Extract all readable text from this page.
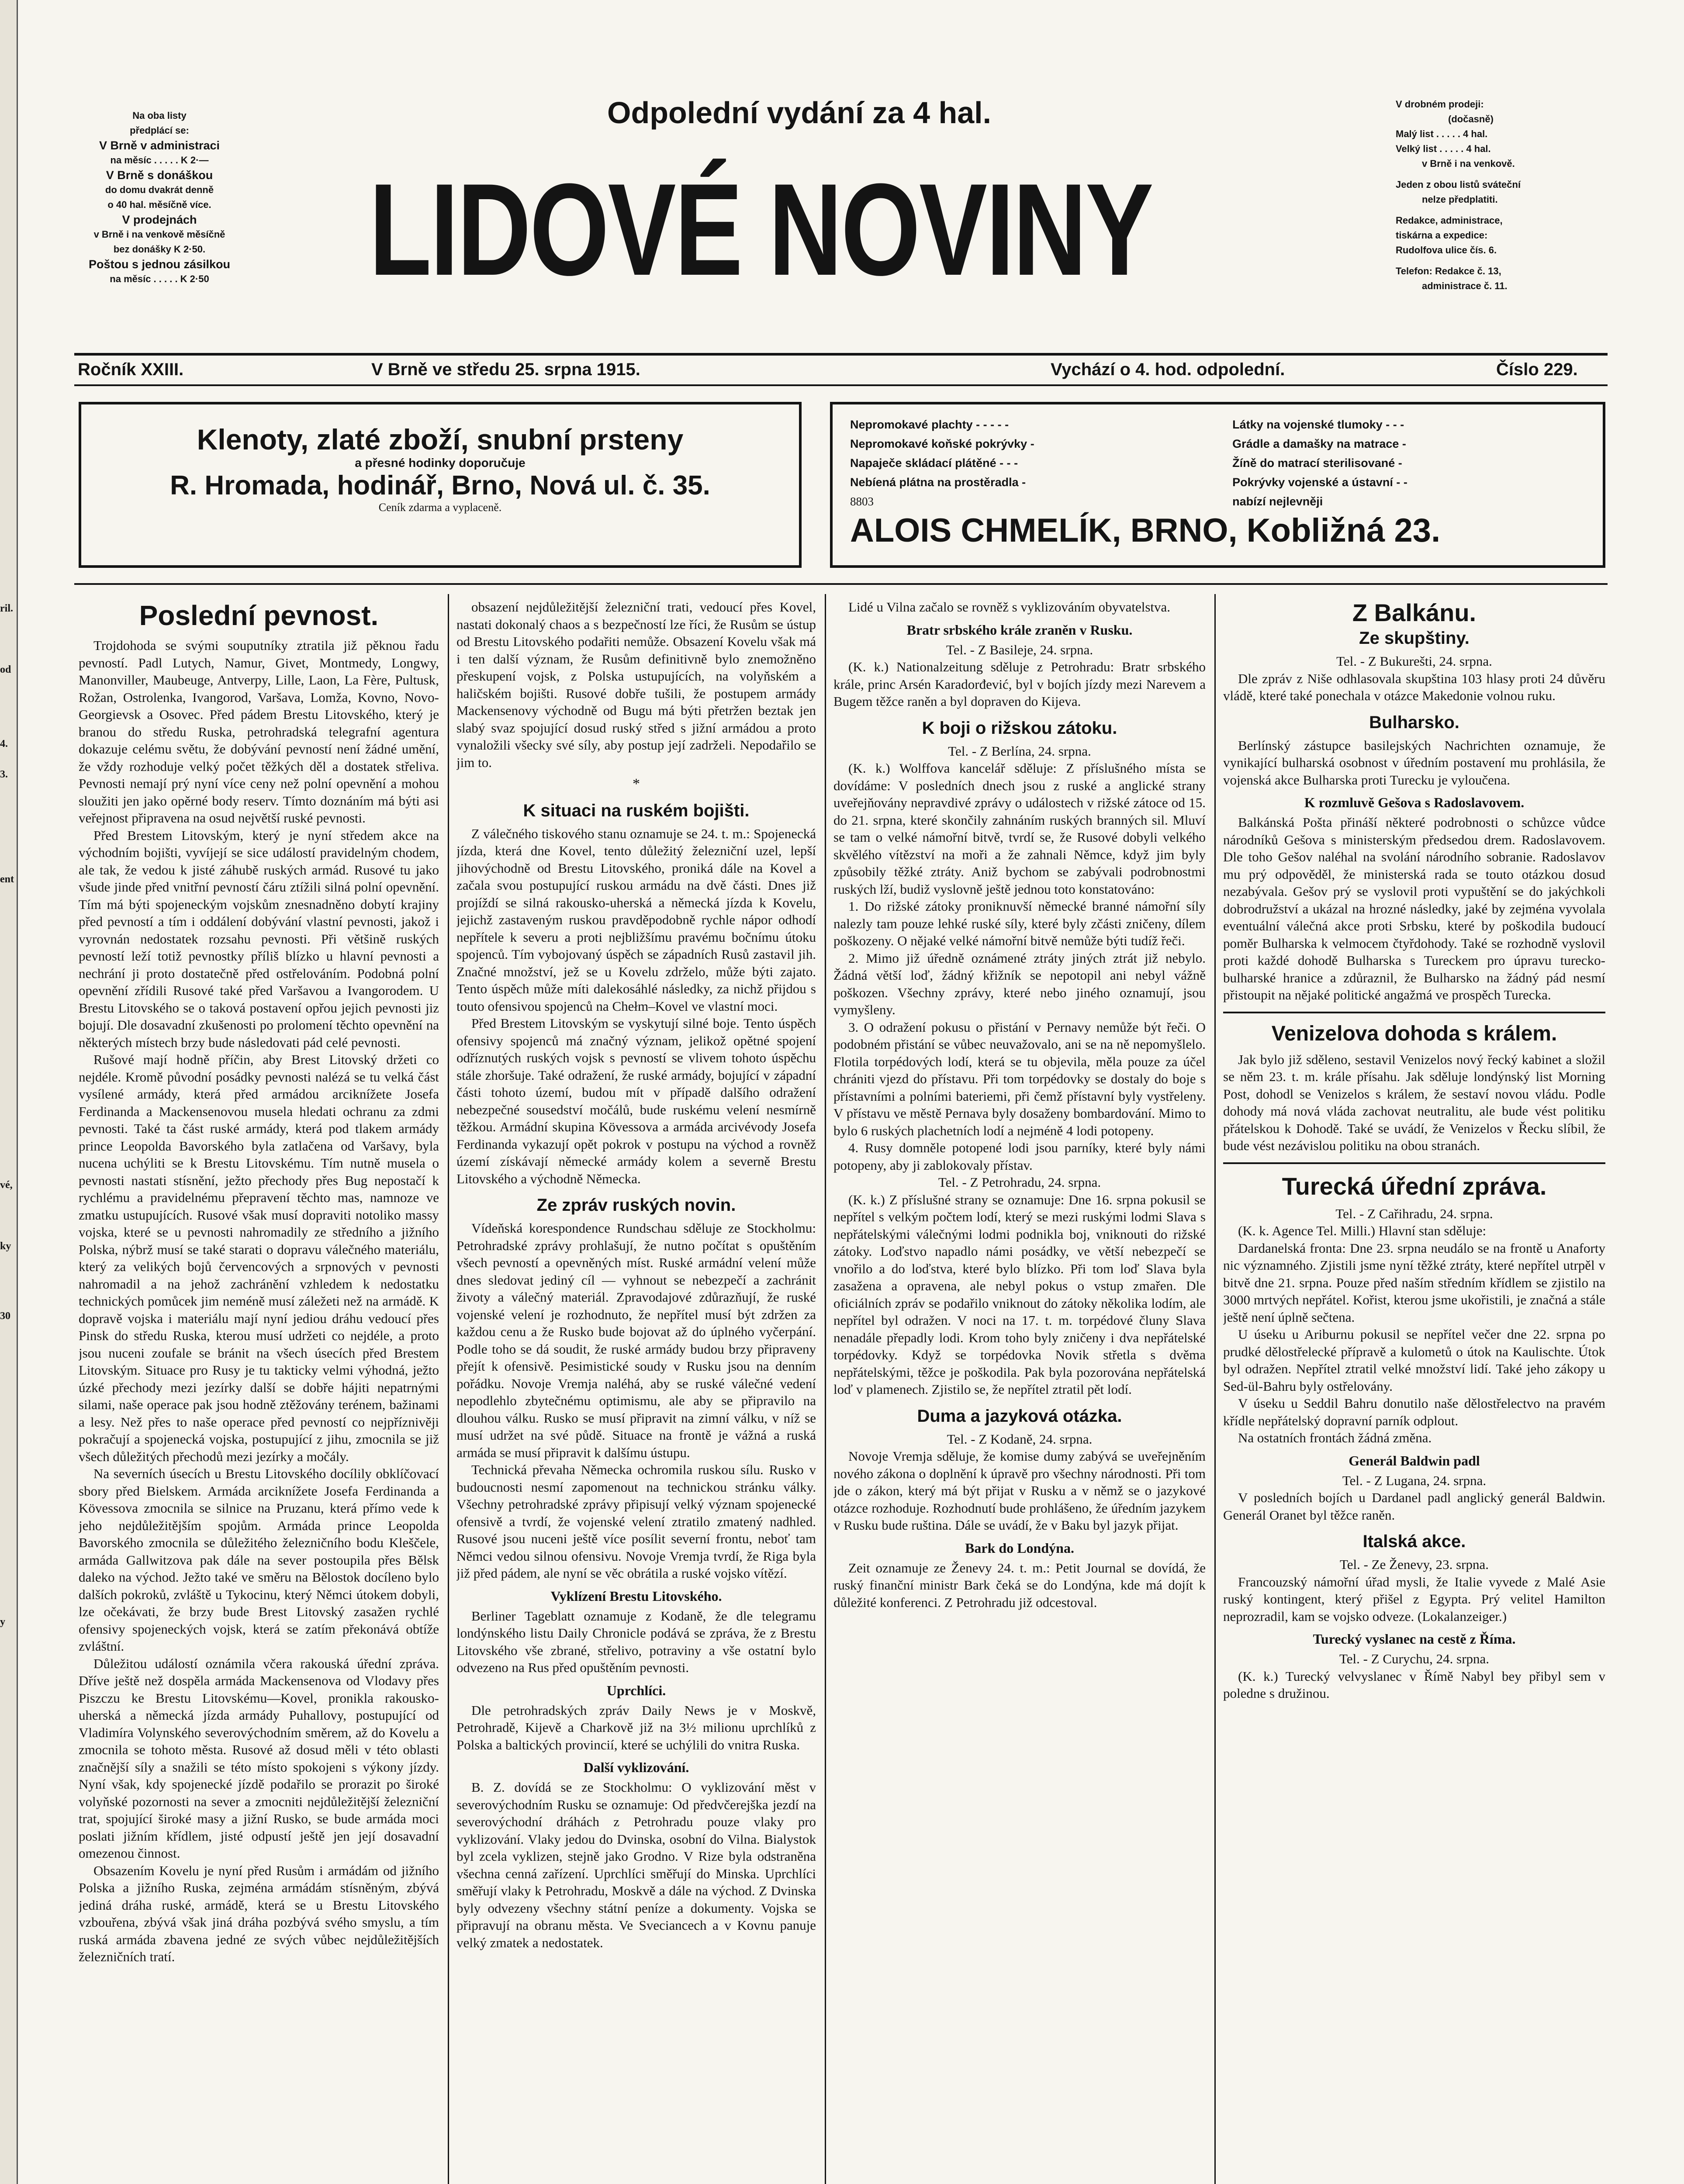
ril.
od
4.
3.
ent
vé,
ky
30
y
Na oba listy
předplácí se:
V Brně v administraci
na měsíc . . . . . K 2·—
V Brně s donáškou
do domu dvakrát denně
o 40 hal. měsíčně více.
V prodejnách
v Brně i na venkově měsíčně
bez donášky K 2·50.
Poštou s jednou zásilkou
na měsíc . . . . . K 2·50
Odpolední vydání za 4 hal.
LIDOVÉ NOVINY
V drobném prodeji:
(dočasně)
Malý list . . . . . 4 hal.
Velký list . . . . . 4 hal.
v Brně i na venkově.
Jeden z obou listů sváteční
nelze předplatiti.
Redakce, administrace,
tiskárna a expedice:
Rudolfova ulice čís. 6.
Telefon: Redakce č. 13,
administrace č. 11.
Ročník XXIII.	V Brně ve středu 25. srpna 1915.	Vychází o 4. hod. odpolední.	Číslo 229.
Klenoty, zlaté zboží, snubní prsteny
a přesné hodinky doporučuje
R. Hromada, hodinář, Brno, Nová ul. č. 35.
Ceník zdarma a vyplaceně.
Nepromokavé plachty - - - - -	Látky na vojenské tlumoky - - -
Nepromokavé koňské pokrývky -	Grádle a damašky na matrace -
Napaječe skládací plátěné - - -	Žíně do matrací sterilisované -
Nebíená plátna na prostěradla -	Pokrývky vojenské a ústavní - -
8803	nabízí nejlevněji
ALOIS CHMELÍK, BRNO, Kobližná 23.
Poslední pevnost.

Trojdohoda se svými souputníky ztratila již pěknou řadu pevností. Padl Lutych, Namur, Givet, Montmedy, Longwy, Manonviller, Maubeuge, Antverpy, Lille, Laon, La Fère, Pultusk, Rožan, Ostrolenka, Ivangorod, Varšava, Lomža, Kovno, Novo-Georgievsk a Osovec. Před pádem Brestu Litovského, který je branou do středu Ruska, petrohradská telegrafní agentura dokazuje celému světu, že dobývání pevností není žádné umění, že vždy rozhoduje velký počet těžkých děl a dostatek střeliva. Pevnosti nemají prý nyní více ceny než polní opevnění a mohou sloužiti jen jako opěrné body reserv. Tímto doznáním má býti asi veřejnost připravena na osud největší ruské pevnosti.

Před Brestem Litovským, který je nyní středem akce na východním bojišti, vyvíjejí se sice událostí pravidelným chodem, ale tak, že vedou k jisté záhubě ruských armád. Rusové tu jako všude jinde před vnitřní pevností čáru ztížili silná polní opevnění. Tím má býti spojeneckým vojskům znesnadněno dobytí krajiny před pevností a tím i oddálení dobývání vlastní pevnosti, jakož i vyrovnán nedostatek rozsahu pevnosti. Při většině ruských pevností leží totiž pevnostky příliš blízko u hlavní pevnosti a nechrání ji proto dostatečně před ostřelováním. Podobná polní opevnění zřídili Rusové také před Varšavou a Ivangorodem. U Brestu Litovského se o taková postavení opřou jejich pevnosti jiz bojují. Dle dosavadní zkušenosti po prolomení těchto opevnění na některých místech brzy bude následovati pád celé pevnosti.

Rušové mají hodně příčin, aby Brest Litovský držeti co nejdéle. Kromě původní posádky pevnosti nalézá se tu velká část vysílené armády, která před armádou arciknížete Josefa Ferdinanda a Mackensenovou musela hledati ochranu za zdmi pevnosti. Také ta část ruské armády, která pod tlakem armády prince Leopolda Bavorského byla zatlačena od Varšavy, byla nucena uchýliti se k Brestu Litovskému. Tím nutně musela o pevnosti nastati stísnění, ježto přechody přes Bug nepostačí k rychlému a pravidelnému přepravení těchto mas, namnoze ve zmatku ustupujících. Rusové však musí dopraviti notoliko massy vojska, které se u pevnosti nahromadily ze středního a jižního Polska, nýbrž musí se také starati o dopravu válečného materiálu, který za velikých bojů červencových a srpnových v pevnosti nahromadil a na jehož zachránění vzhledem k nedostatku technických pomůcek jim neméně musí záležeti než na armádě. K dopravě vojska i materiálu mají nyní jediou dráhu vedoucí přes Pinsk do středu Ruska, kterou musí udržeti co nejdéle, a proto jsou nuceni zoufale se bránit na všech úsecích před Brestem Litovským. Situace pro Rusy je tu takticky velmi výhodná, ježto úzké přechody mezi jezírky další se dobře hájiti nepatrnými silami, naše operace pak jsou hodně ztěžovány terénem, bažinami a lesy. Než přes to naše operace před pevností co nejpříznivěji pokračují a spojenecká vojska, postupující z jihu, zmocnila se již všech důležitých přechodů mezi jezírky a močály.

Na severních úsecích u Brestu Litovského docílily obklíčovací sbory před Bielskem. Armáda arciknížete Josefa Ferdinanda a Kövessova zmocnila se silnice na Pruzanu, která přímo vede k jeho nejdůležitějším spojům. Armáda prince Leopolda Bavorského zmocnila se důležitého železničního bodu Kleščele, armáda Gallwitzova pak dále na sever postoupila přes Bělsk daleko na východ. Ježto také ve směru na Bělostok docíleno bylo dalších pokroků, zvláště u Tykocinu, který Němci útokem dobyli, lze očekávati, že brzy bude Brest Litovský zasažen rychlé ofensivy spojeneckých vojsk, která se zatím překonává obtíže zvláštní.

Důležitou událostí oznámila včera rakouská úřední zpráva. Dříve ještě než dospěla armáda Mackensenova od Vlodavy přes Piszczu ke Brestu Litovskému—Kovel, pronikla rakousko-uherská a německá jízda armády Puhallovy, postupující od Vladimíra Volynského severovýchodním směrem, až do Kovelu a zmocnila se tohoto města. Rusové až dosud měli v této oblasti značnější síly a snažili se této místo spokojeni s výkony jízdy. Nyní však, kdy spojenecké jízdě podařilo se prorazit po široké volyňské pozornosti na sever a zmocniti nejdůležitější železniční trat, spojující široké masy a jižní Rusko, se bude armáda moci poslati jižním křídlem, jisté odpustí ještě jen její dosavadní omezenou činnost.

Obsazením Kovelu je nyní před Rusům i armádám od jižního Polska a jižního Ruska, zejména armádám stísněným, zbývá jediná dráha ruské, armádě, která se u Brestu Litovského vzbouřena, zbývá však jiná dráha pozbývá svého smyslu, a tím ruská armáda zbavena jedné ze svých vůbec nejdůležitějších železničních tratí.

obsazení nejdůležitější železniční trati, vedoucí přes Kovel, nastati dokonalý chaos a s bezpečností lze říci, že Rusům se ústup od Brestu Litovského podařiti nemůže. Obsazení Kovelu však má i ten další význam, že Rusům definitivně bylo znemožněno přeskupení vojsk, z Polska ustupujících, na volyňském a haličském bojišti. Rusové dobře tušili, že postupem armády Mackensenovy východně od Bugu má býti přetržen beztak jen slabý svaz spojující dosud ruský střed s jižní armádou a proto vynaložili všecky své síly, aby postup její zadrželi. Nepodařilo se jim to.

*
K situaci na ruském bojišti.

Z válečného tiskového stanu oznamuje se 24. t. m.: Spojenecká jízda, která dne Kovel, tento důležitý železniční uzel, lepší jihovýchodně od Brestu Litovského, proniká dále na Kovel a začala svou postupující ruskou armádu na dvě části. Dnes již projíždí se silná rakousko-uherská a německá jízda k Kovelu, jejichž zastaveným ruskou pravděpodobně rychle nápor odhodí nepřítele k severu a proti nejbližšímu pravému bočnímu útoku spojenců. Tím vybojovaný úspěch se západních Rusů zastavil jih. Značné množství, jež se u Kovelu zdrželo, může býti zajato. Tento úspěch může míti dalekosáhlé následky, za nichž přijdou s touto ofensivou spojenců na Chełm–Kovel ve vlastní moci.

Před Brestem Litovským se vyskytují silné boje. Tento úspěch ofensivy spojenců má značný význam, jelikož opětné spojení odříznutých ruských vojsk s pevností se vlivem tohoto úspěchu stále zhoršuje. Také odražení, že ruské armády, bojující v západní části tohoto území, budou mít v případě dalšího odražení nebezpečné sousedství močálů, bude ruskému velení nesmírně těžkou. Armádní skupina Kövessova a armáda arcivévody Josefa Ferdinanda vykazují opět pokrok v postupu na východ a rovněž území získávají německé armády kolem a severně Brestu Litovského a východně Německa.

Ze zpráv ruských novin.

Vídeňská korespondence Rundschau sděluje ze Stockholmu: Petrohradské zprávy prohlašují, že nutno počítat s opuštěním všech pevností a opevněných míst. Ruské armádní velení může dnes sledovat jediný cíl — vyhnout se nebezpečí a zachránit životy a válečný materiál. Zpravodajové zdůrazňují, že ruské vojenské velení je rozhodnuto, že nepřítel musí být zdržen za každou cenu a že Rusko bude bojovat až do úplného vyčerpání. Podle toho se dá soudit, že ruské armády budou brzy připraveny přejít k ofensivě. Pesimistické soudy v Rusku jsou na denním pořádku. Novoje Vremja naléhá, aby se ruské válečné vedení nepodlehlo zbytečnému optimismu, ale aby se připravilo na dlouhou válku. Rusko se musí připravit na zimní válku, v níž se musí udržet na své půdě. Situace na frontě je vážná a ruská armáda se musí připravit k dalšímu ústupu.

Technická převaha Německa ochromila ruskou sílu. Rusko v budoucnosti nesmí zapomenout na technickou stránku války. Všechny petrohradské zprávy připisují velký význam spojenecké ofensivě a tvrdí, že vojenské velení ztratilo zmatený nadhled. Rusové jsou nuceni ještě více posílit severní frontu, neboť tam Němci vedou silnou ofensivu. Novoje Vremja tvrdí, že Riga byla již před pádem, ale nyní se věc obrátila a ruské vojsko vítězí.

Vyklízení Brestu Litovského.

Berliner Tageblatt oznamuje z Kodaně, že dle telegramu londýnského listu Daily Chronicle podává se zpráva, že z Brestu Litovského vše zbrané, střelivo, potraviny a vše ostatní bylo odvezeno na Rus před opuštěním pevnosti.

Uprchlíci.

Dle petrohradských zpráv Daily News je v Moskvě, Petrohradě, Kijevě a Charkově již na 3½ milionu uprchlíků z Polska a baltických provincií, které se uchýlili do vnitra Ruska.

Další vyklizování.

B. Z. dovídá se ze Stockholmu: O vyklizování měst v severovýchodním Rusku se oznamuje: Od předvčerejška jezdí na severovýchodní dráhách z Petrohradu pouze vlaky pro vyklizování. Vlaky jedou do Dvinska, osobní do Vilna. Bialystok byl zcela vyklizen, stejně jako Grodno. V Rize byla odstraněna všechna cenná zařízení. Uprchlíci směřují do Minska. Uprchlíci směřují vlaky k Petrohradu, Moskvě a dále na východ. Z Dvinska byly odvezeny všechny státní peníze a dokumenty. Vojska se připravují na obranu města. Ve Sveciancech a v Kovnu panuje velký zmatek a nedostatek.

Lidé u Vilna začalo se rovněž s vyklizováním obyvatelstva.

Bratr srbského krále zraněn v Rusku.

Tel. - Z Basileje, 24. srpna.

(K. k.) Nationalzeitung sděluje z Petrohradu: Bratr srbského krále, princ Arsén Karadorđević, byl v bojích jízdy mezi Narevem a Bugem těžce raněn a byl dopraven do Kijeva.

K boji o rižskou zátoku.

Tel. - Z Berlína, 24. srpna.

(K. k.) Wolffova kancelář sděluje: Z příslušného místa se dovídáme: V posledních dnech jsou z ruské a anglické strany uveřejňovány nepravdivé zprávy o událostech v rižské zátoce od 15. do 21. srpna, které skončily zahnáním ruských branných sil. Mluví se tam o velké námořní bitvě, tvrdí se, že Rusové dobyli velkého skvělého vítězství na moři a že zahnali Němce, když jim byly způsobily těžké ztráty. Aniž bychom se zabývali podrobnostmi ruských lží, budiž vyslovně ještě jednou toto konstatováno:

1. Do rižské zátoky proniknuvší německé branné námořní síly nalezly tam pouze lehké ruské síly, které byly zčásti zničeny, dílem poškozeny. O nějaké velké námořní bitvě nemůže býti tudíž řeči.

2. Mimo již úředně oznámené ztráty jiných ztrát již nebylo. Žádná větší loď, žádný křižník se nepotopil ani nebyl vážně poškozen. Všechny zprávy, které nebo jiného oznamují, jsou vymyšleny.

3. O odražení pokusu o přistání v Pernavy nemůže být řeči. O podobném přistání se vůbec neuvažovalo, ani se na ně nepomyšlelo. Flotila torpédových lodí, která se tu objevila, měla pouze za účel chrániti vjezd do přístavu. Při tom torpédovky se dostaly do boje s přístavními a polními bateriemi, při čemž přístavní byly vystřeleny. V přístavu ve městě Pernava byly dosaženy bombardování. Mimo to bylo 6 ruských plachetních lodí a nejméně 4 lodi potopeny.

4. Rusy domněle potopené lodi jsou parníky, které byly námi potopeny, aby ji zablokovaly přístav.

Tel. - Z Petrohradu, 24. srpna.

(K. k.) Z příslušné strany se oznamuje: Dne 16. srpna pokusil se nepřítel s velkým počtem lodí, který se mezi ruskými lodmi Slava s nepřátelskými válečnými lodmi podnikla boj, vniknouti do rižské zátoky. Loďstvo napadlo námi posádky, ve větší nebezpečí se vnořilo a do loďstva, které bylo blízko. Při tom loď Slava byla zasažena a opravena, ale nebyl pokus o vstup zmařen. Dle oficiálních zpráv se podařilo vniknout do zátoky několika lodím, ale nepřítel byl odražen. V noci na 17. t. m. torpédové čluny Slava nenadále přepadly lodi. Krom toho byly zničeny i dva nepřátelské torpédovky. Když se torpédovka Novik střetla s dvěma nepřátelskými, těžce je poškodila. Pak byla pozorována nepřátelská loď v plamenech. Zjistilo se, že nepřítel ztratil pět lodí.

Duma a jazyková otázka.

Tel. - Z Kodaně, 24. srpna.

Novoje Vremja sděluje, že komise dumy zabývá se uveřejněním nového zákona o doplnění k úpravě pro všechny národnosti. Při tom jde o zákon, který má být přijat v Rusku a v němž se o jazykové otázce rozhoduje. Rozhodnutí bude prohlášeno, že úředním jazykem v Rusku bude ruština. Dále se uvádí, že v Baku byl jazyk přijat.

Bark do Londýna.

Zeit oznamuje ze Ženevy 24. t. m.: Petit Journal se dovídá, že ruský finanční ministr Bark čeká se do Londýna, kde má dojít k důležité konferenci. Z Petrohradu již odcestoval.

Z Balkánu.
Ze skupštiny.

Tel. - Z Bukurešti, 24. srpna.

Dle zpráv z Niše odhlasovala skupština 103 hlasy proti 24 důvěru vládě, které také ponechala v otázce Makedonie volnou ruku.

Bulharsko.

Berlínský zástupce basilejských Nachrichten oznamuje, že vynikající bulharská osobnost v úředním postavení mu prohlásila, že vojenská akce Bulharska proti Turecku je vyloučena.

K rozmluvě Gešova s Radoslavovem.

Balkánská Pošta přináší některé podrobnosti o schůzce vůdce národníků Gešova s ministerským předsedou drem. Radoslavovem. Dle toho Gešov naléhal na svolání národního sobranie. Radoslavov mu prý odpověděl, že ministerská rada se touto otázkou dosud nezabývala. Gešov prý se vyslovil proti vypuštění se do jakýchkoli dobrodružství a ukázal na hrozné následky, jaké by zejména vyvolala eventuální válečná akce proti Srbsku, které by poškodila budoucí poměr Bulharska k velmocem čtyřdohody. Také se rozhodně vyslovil proti každé dohodě Bulharska s Tureckem pro úpravu turecko-bulharské hranice a zdůraznil, že Bulharsko na žádný pád nesmí přistoupit na nějaké politické angažmá ve prospěch Turecka.

Venizelova dohoda s králem.

Jak bylo již sděleno, sestavil Venizelos nový řecký kabinet a složil se něm 23. t. m. krále přísahu. Jak sděluje londýnský list Morning Post, dohodl se Venizelos s králem, že sestaví novou vládu. Podle dohody má nová vláda zachovat neutralitu, ale bude vést politiku přátelskou k Dohodě. Také se uvádí, že Venizelos v Řecku slíbil, že bude vést nezávislou politiku na obou stranách.

Turecká úřední zpráva.

Tel. - Z Cařihradu, 24. srpna.

(K. k. Agence Tel. Milli.) Hlavní stan sděluje:

Dardanelská fronta: Dne 23. srpna neudálo se na frontě u Anaforty nic významného. Zjistili jsme nyní těžké ztráty, které nepřítel utrpěl v bitvě dne 21. srpna. Pouze před naším středním křídlem se zjistilo na 3000 mrtvých nepřátel. Kořist, kterou jsme ukořistili, je značná a stále ještě není úplně sečtena.

U úseku u Ariburnu pokusil se nepřítel večer dne 22. srpna po prudké dělostřelecké přípravě a kulometů o útok na Kaulischte. Útok byl odražen. Nepřítel ztratil velké množství lidí. Také jeho zákopy u Sed-ül-Bahru byly ostřelovány.

V úseku u Seddil Bahru donutilo naše dělostřelectvo na pravém křídle nepřátelský dopravní parník odplout.

Na ostatních frontách žádná změna.

Generál Baldwin padl

Tel. - Z Lugana, 24. srpna.

V posledních bojích u Dardanel padl anglický generál Baldwin. Generál Oranet byl těžce raněn.

Italská akce.

Tel. - Ze Ženevy, 23. srpna.

Francouzský námořní úřad mysli, že Italie vyvede z Malé Asie ruský kontingent, který přišel z Egypta. Prý velitel Hamilton neprozradil, kam se vojsko odveze. (Lokalanzeiger.)

Turecký vyslanec na cestě z Říma.

Tel. - Z Curychu, 24. srpna.

(K. k.) Turecký velvyslanec v Římě Nabyl bey přibyl sem v poledne s družinou.
